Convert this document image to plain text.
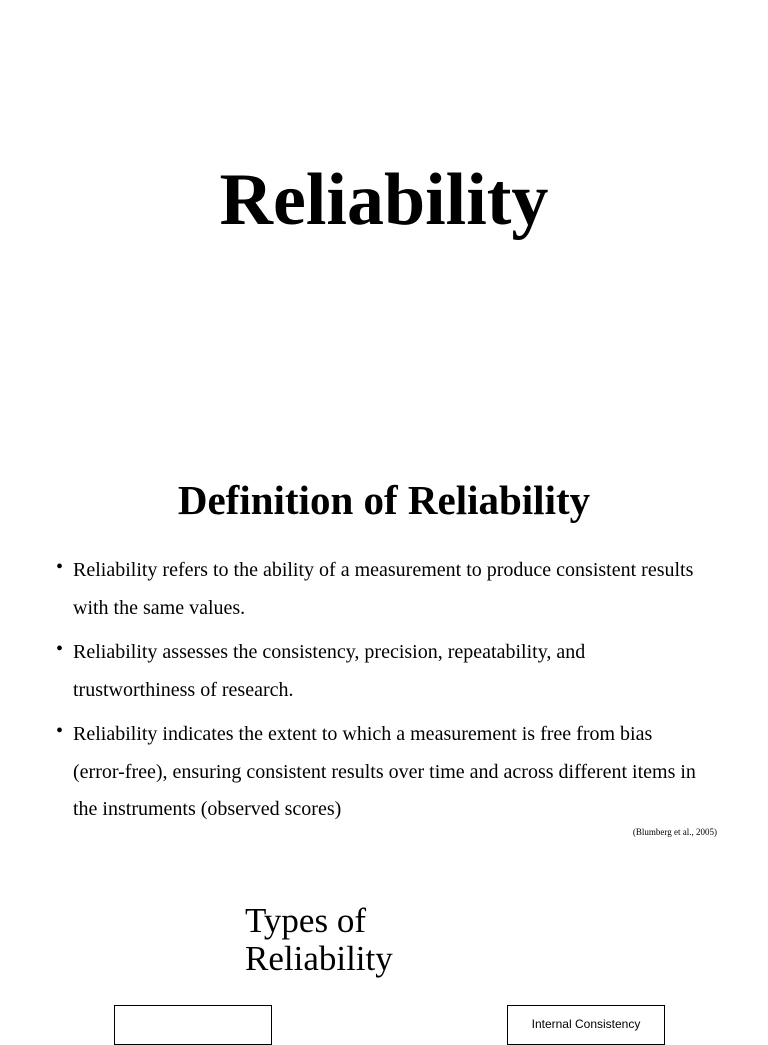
Reliability
Definition of Reliability
• Reliability refers to the ability of a measurement to produce consistent results with the same values.
• Reliability assesses the consistency, precision, repeatability, and trustworthiness of research.
• Reliability indicates the extent to which a measurement is free from bias (error-free), ensuring consistent results over time and across different items in the instruments (observed scores)
(Blumberg et al., 2005)
Types of
Reliability
Internal Consistency
